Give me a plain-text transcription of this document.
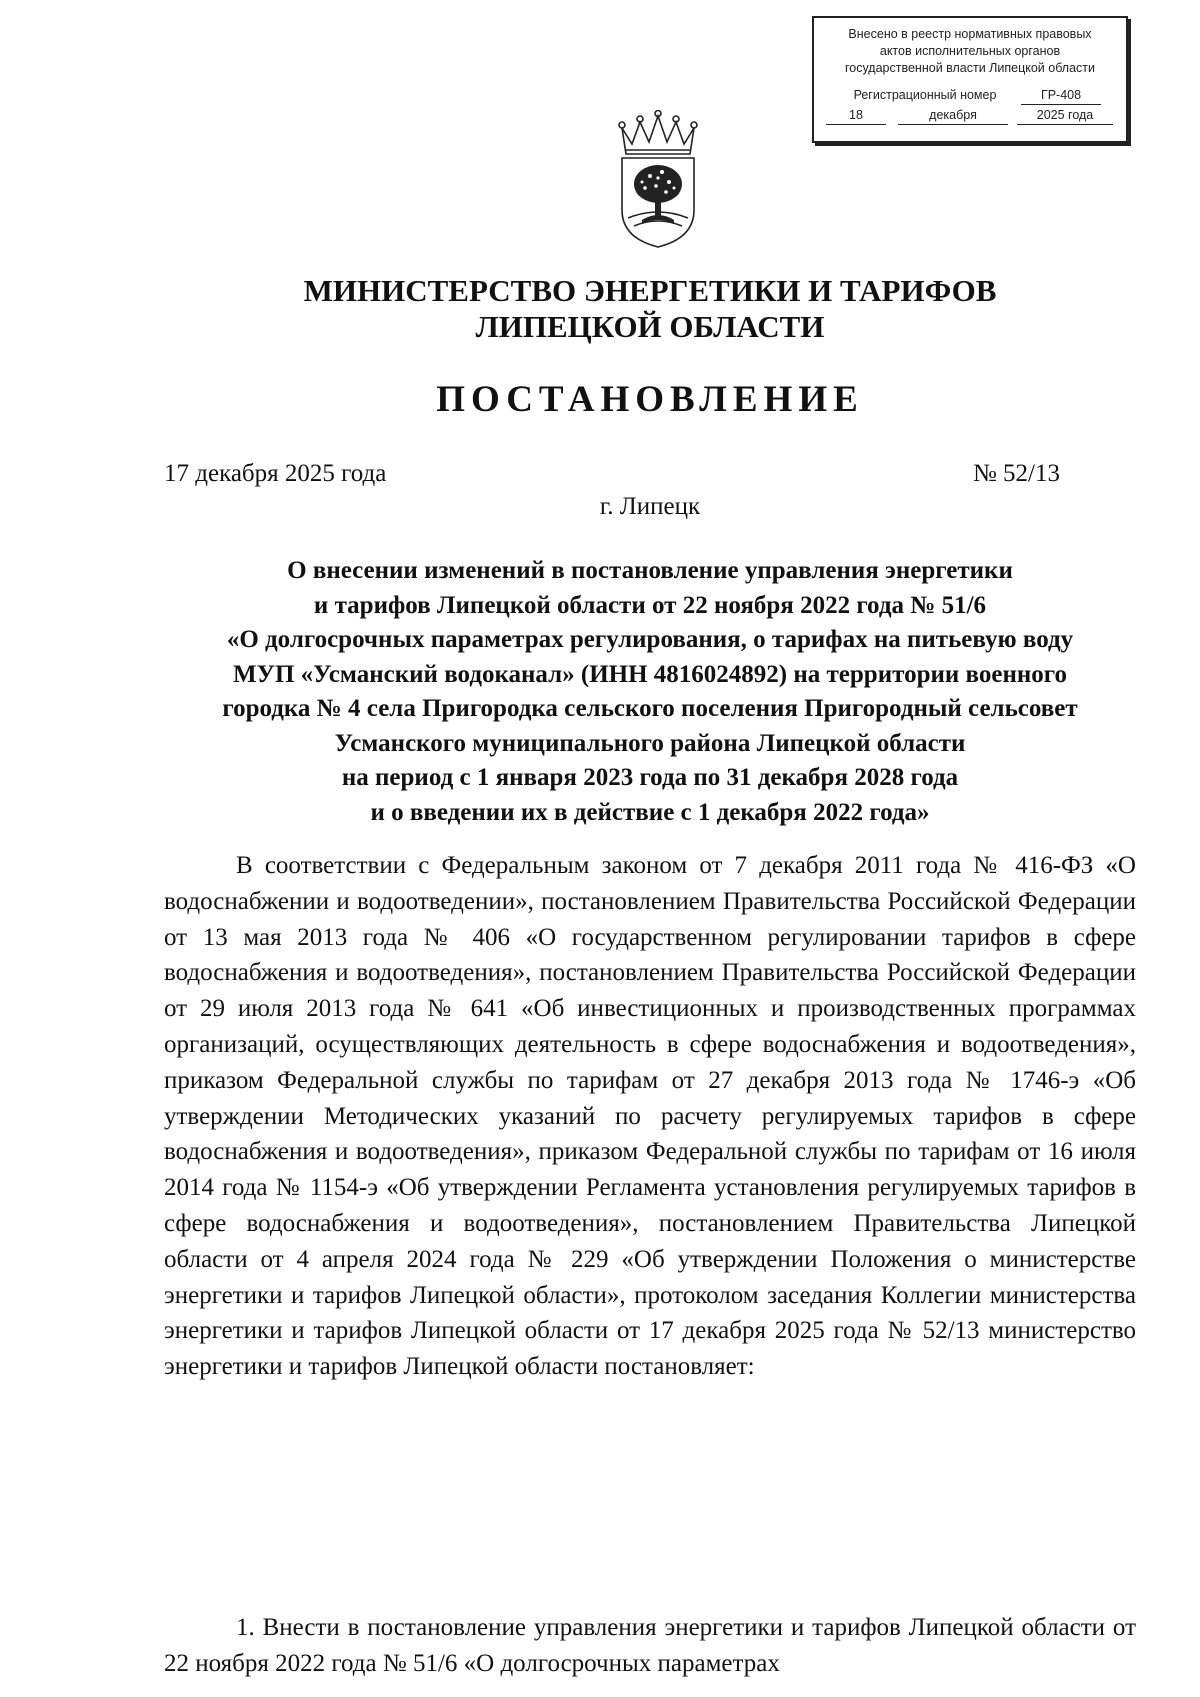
Внесено в реестр нормативных правовых
актов исполнительных органов
государственной власти Липецкой области
Регистрационный номер	ГР-408
18	декабря	2025 года
МИНИСТЕРСТВО ЭНЕРГЕТИКИ И ТАРИФОВ
ЛИПЕЦКОЙ ОБЛАСТИ
ПОСТАНОВЛЕНИЕ
17 декабря 2025 года	№ 52/13
г. Липецк
О внесении изменений в постановление управления энергетики
и тарифов Липецкой области от 22 ноября 2022 года № 51/6
«О долгосрочных параметрах регулирования, о тарифах на питьевую воду
МУП «Усманский водоканал» (ИНН 4816024892) на территории военного
городка № 4 села Пригородка сельского поселения Пригородный сельсовет
Усманского муниципального района Липецкой области
на период с 1 января 2023 года по 31 декабря 2028 года
и о введении их в действие с 1 декабря 2022 года»

В соответствии с Федеральным законом от 7 декабря 2011 года № 416-ФЗ «О водоснабжении и водоотведении», постановлением Правительства Российской Федерации от 13 мая 2013 года № 406 «О государственном регулировании тарифов в сфере водоснабжения и водоотведения», постановлением Правительства Российской Федерации от 29 июля 2013 года № 641 «Об инвестиционных и производственных программах организаций, осуществляющих деятельность в сфере водоснабжения и водоотведения», приказом Федеральной службы по тарифам от 27 декабря 2013 года № 1746-э «Об утверждении Методических указаний по расчету регулируемых тарифов в сфере водоснабжения и водоотведения», приказом Федеральной службы по тарифам от 16 июля 2014 года № 1154-э «Об утверждении Регламента установления регулируемых тарифов в сфере водоснабжения и водоотведения», постановлением Правительства Липецкой области от 4 апреля 2024 года № 229 «Об утверждении Положения о министерстве энергетики и тарифов Липецкой области», протоколом заседания Коллегии министерства энергетики и тарифов Липецкой области от 17 декабря 2025 года № 52/13 министерство энергетики и тарифов Липецкой области постановляет:

1. Внести в постановление управления энергетики и тарифов Липецкой области от 22 ноября 2022 года № 51/6 «О долгосрочных параметрах
